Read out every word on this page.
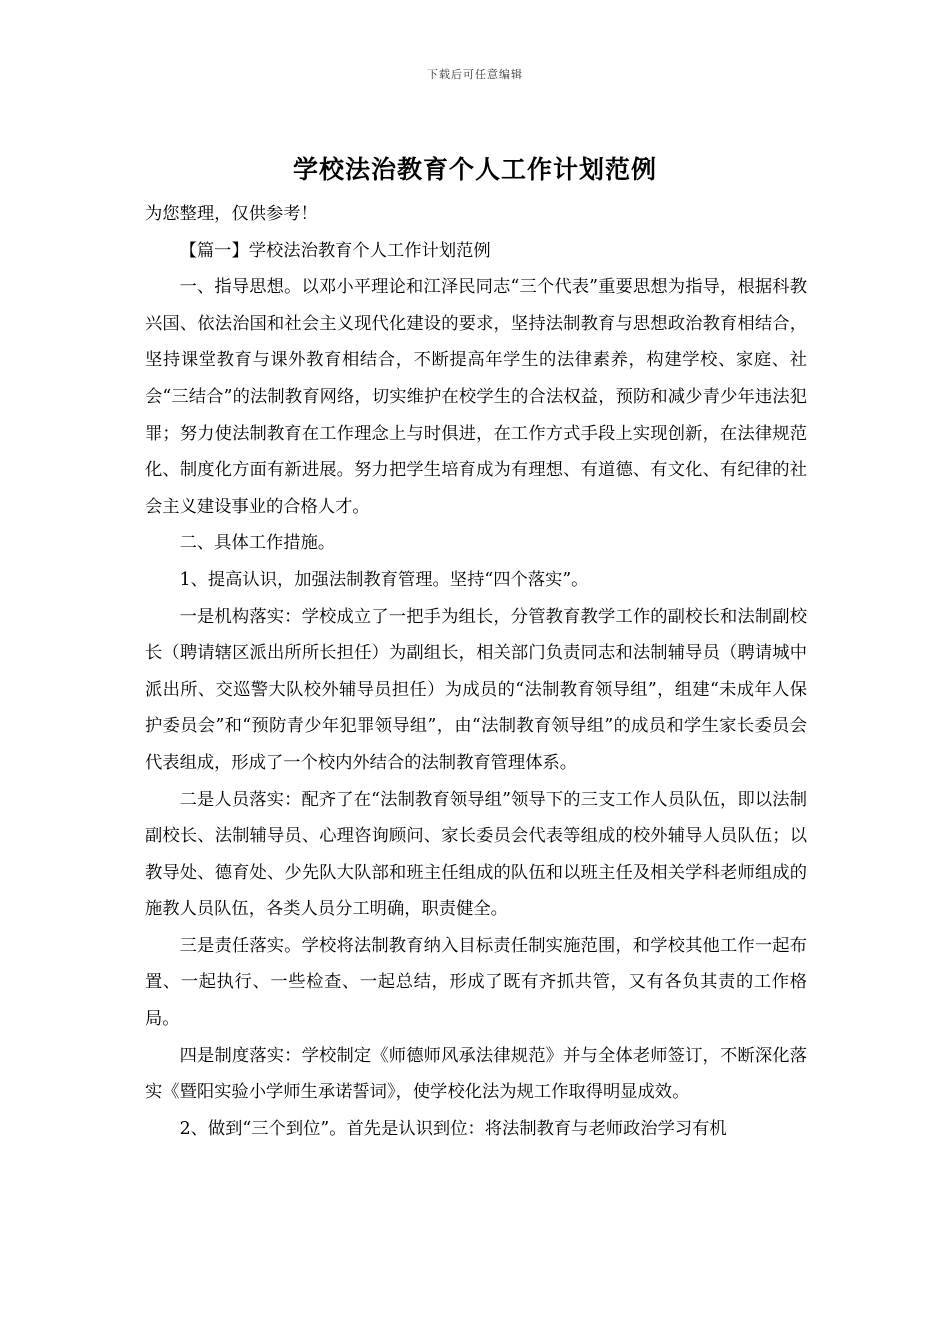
下载后可任意编辑
学校法治教育个人工作计划范例

为您整理，仅供参考！

【篇一】学校法治教育个人工作计划范例

一、指导思想。以邓小平理论和江泽民同志“三个代表”重要思想为指导，根据科教兴国、依法治国和社会主义现代化建设的要求，坚持法制教育与思想政治教育相结合，坚持课堂教育与课外教育相结合，不断提高年学生的法律素养，构建学校、家庭、社会“三结合”的法制教育网络，切实维护在校学生的合法权益，预防和减少青少年违法犯罪；努力使法制教育在工作理念上与时俱进，在工作方式手段上实现创新，在法律规范化、制度化方面有新进展。努力把学生培育成为有理想、有道德、有文化、有纪律的社会主义建设事业的合格人才。

二、具体工作措施。

1、提高认识，加强法制教育管理。坚持“四个落实”。

一是机构落实：学校成立了一把手为组长，分管教育教学工作的副校长和法制副校长（聘请辖区派出所所长担任）为副组长，相关部门负责同志和法制辅导员（聘请城中派出所、交巡警大队校外辅导员担任）为成员的“法制教育领导组”，组建“未成年人保护委员会”和“预防青少年犯罪领导组”，由“法制教育领导组”的成员和学生家长委员会代表组成，形成了一个校内外结合的法制教育管理体系。

二是人员落实：配齐了在“法制教育领导组”领导下的三支工作人员队伍，即以法制副校长、法制辅导员、心理咨询顾问、家长委员会代表等组成的校外辅导人员队伍；以教导处、德育处、少先队大队部和班主任组成的队伍和以班主任及相关学科老师组成的施教人员队伍，各类人员分工明确，职责健全。

三是责任落实。学校将法制教育纳入目标责任制实施范围，和学校其他工作一起布置、一起执行、一些检查、一起总结，形成了既有齐抓共管，又有各负其责的工作格局。

四是制度落实：学校制定《师德师风承法律规范》并与全体老师签订，不断深化落实《暨阳实验小学师生承诺誓词》，使学校化法为规工作取得明显成效。

2、做到“三个到位”。首先是认识到位：将法制教育与老师政治学习有机
